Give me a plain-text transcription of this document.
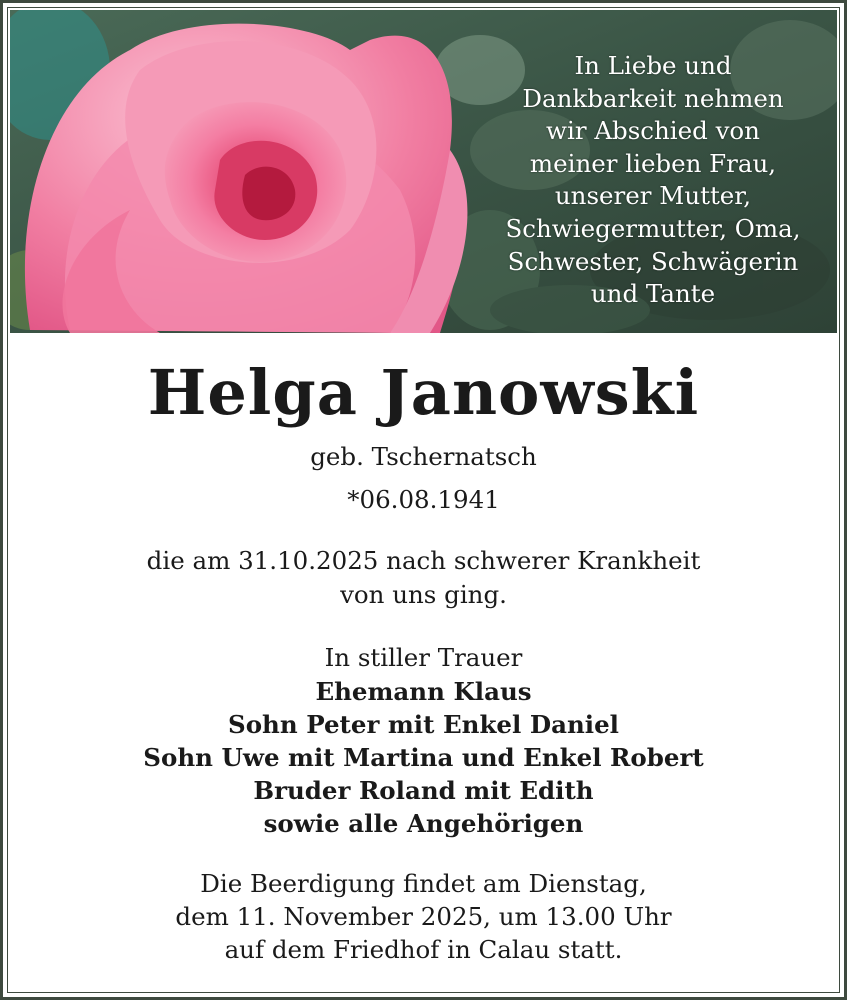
In Liebe und
Dankbarkeit nehmen
wir Abschied von
meiner lieben Frau,
unserer Mutter,
Schwiegermutter, Oma,
Schwester, Schwägerin
und Tante
Helga Janowski
geb. Tschernatsch
*06.08.1941
die am 31.10.2025 nach schwerer Krankheit
von uns ging.
In stiller Trauer
Ehemann Klaus
Sohn Peter mit Enkel Daniel
Sohn Uwe mit Martina und Enkel Robert
Bruder Roland mit Edith
sowie alle Angehörigen
Die Beerdigung findet am Dienstag,
dem 11. November 2025, um 13.00 Uhr
auf dem Friedhof in Calau statt.
